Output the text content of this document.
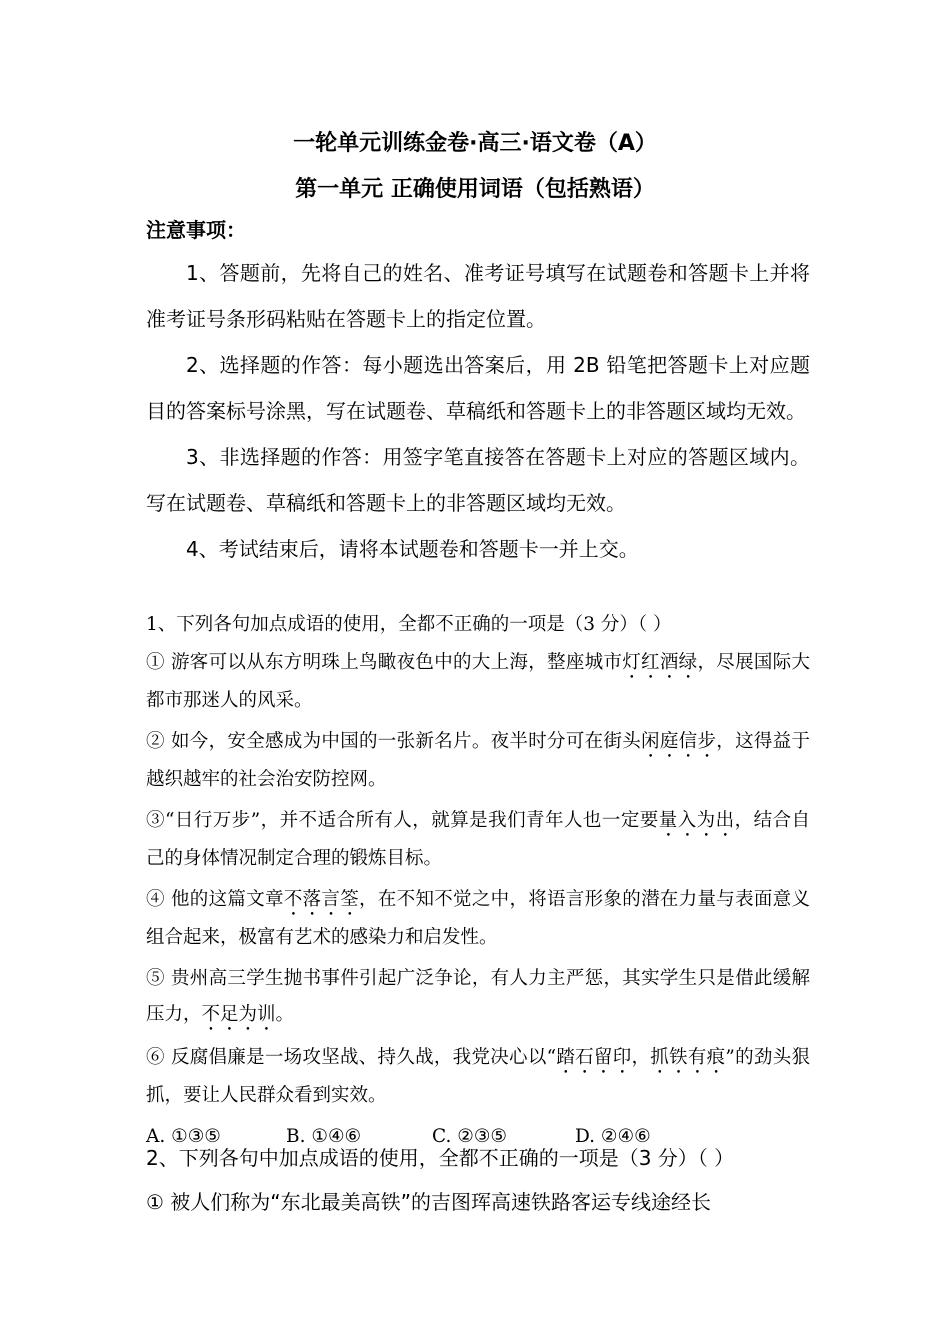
一轮单元训练金卷·高三·语文卷（A）
第一单元 正确使用词语（包括熟语）
注意事项：

1、答题前，先将自己的姓名、准考证号填写在试题卷和答题卡上并将准考证号条形码粘贴在答题卡上的指定位置。

2、选择题的作答：每小题选出答案后，用 2B 铅笔把答题卡上对应题目的答案标号涂黑，写在试题卷、草稿纸和答题卡上的非答题区域均无效。

3、非选择题的作答：用签字笔直接答在答题卡上对应的答题区域内。写在试题卷、草稿纸和答题卡上的非答题区域均无效。

4、考试结束后，请将本试题卷和答题卡一并上交。

1、下列各句加点成语的使用，全都不正确的一项是（3 分）（ ）

① 游客可以从东方明珠上鸟瞰夜色中的大上海，整座城市灯红酒绿，尽展国际大都市那迷人的风采。

② 如今，安全感成为中国的一张新名片。夜半时分可在街头闲庭信步，这得益于越织越牢的社会治安防控网。

③“日行万步”，并不适合所有人，就算是我们青年人也一定要量入为出，结合自己的身体情况制定合理的锻炼目标。

④ 他的这篇文章不落言筌，在不知不觉之中，将语言形象的潜在力量与表面意义组合起来，极富有艺术的感染力和启发性。

⑤ 贵州高三学生抛书事件引起广泛争论，有人力主严惩，其实学生只是借此缓解压力，不足为训。

⑥ 反腐倡廉是一场攻坚战、持久战，我党决心以“踏石留印，抓铁有痕”的劲头狠抓，要让人民群众看到实效。

A. ①③⑤	B. ①④⑥	C. ②③⑤	D. ②④⑥

2、下列各句中加点成语的使用，全都不正确的一项是（3 分）（ ）

① 被人们称为“东北最美高铁”的吉图珲高速铁路客运专线途经长
